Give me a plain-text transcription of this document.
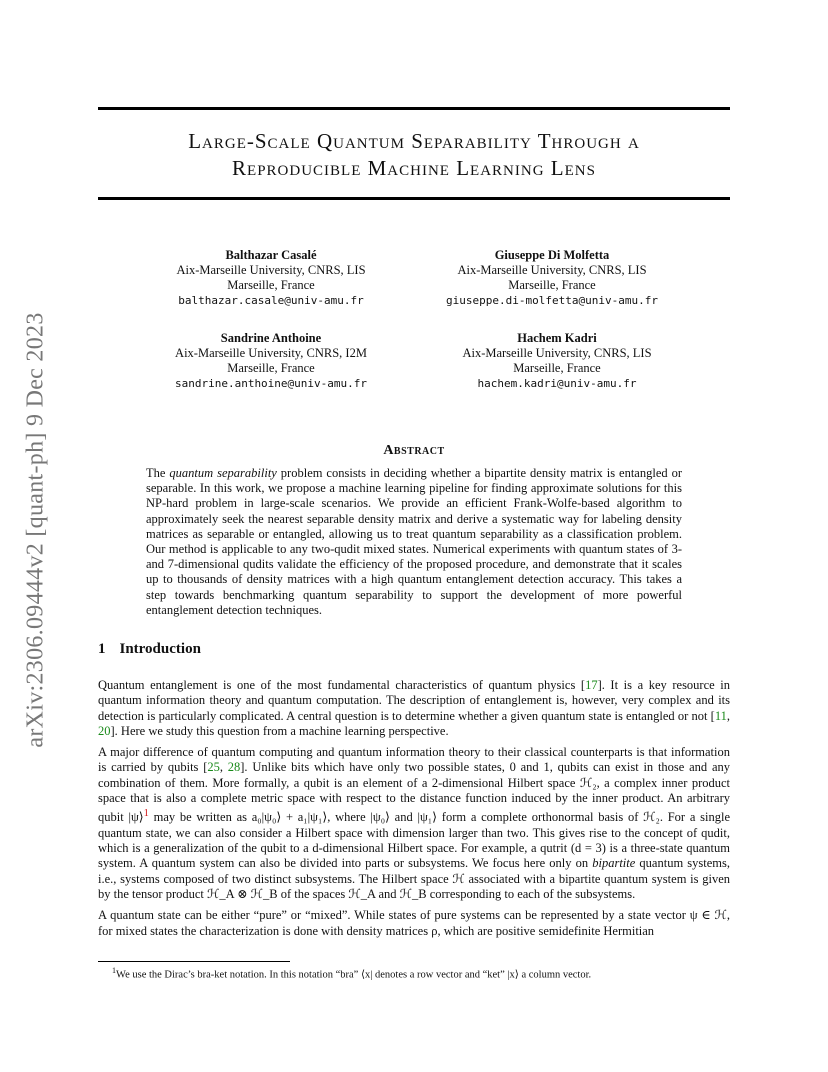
arXiv:2306.09444v2 [quant-ph] 9 Dec 2023
Large-Scale Quantum Separability Through a
Reproducible Machine Learning Lens
Balthazar Casalé
Aix-Marseille University, CNRS, LIS
Marseille, France
balthazar.casale@univ-amu.fr
Giuseppe Di Molfetta
Aix-Marseille University, CNRS, LIS
Marseille, France
giuseppe.di-molfetta@univ-amu.fr
Sandrine Anthoine
Aix-Marseille University, CNRS, I2M
Marseille, France
sandrine.anthoine@univ-amu.fr
Hachem Kadri
Aix-Marseille University, CNRS, LIS
Marseille, France
hachem.kadri@univ-amu.fr
Abstract

The quantum separability problem consists in deciding whether a bipartite density matrix is entangled or separable. In this work, we propose a machine learning pipeline for finding approximate solutions for this NP-hard problem in large-scale scenarios. We provide an efficient Frank-Wolfe-based algorithm to approximately seek the nearest separable density matrix and derive a systematic way for labeling density matrices as separable or entangled, allowing us to treat quantum separability as a classification problem. Our method is applicable to any two-qudit mixed states. Numerical experiments with quantum states of 3- and 7-dimensional qudits validate the efficiency of the proposed procedure, and demonstrate that it scales up to thousands of density matrices with a high quantum entanglement detection accuracy. This takes a step towards benchmarking quantum separability to support the development of more powerful entanglement detection techniques.

1 Introduction

Quantum entanglement is one of the most fundamental characteristics of quantum physics [17]. It is a key resource in quantum information theory and quantum computation. The description of entanglement is, however, very complex and its detection is particularly complicated. A central question is to determine whether a given quantum state is entangled or not [11, 20]. Here we study this question from a machine learning perspective.

A major difference of quantum computing and quantum information theory to their classical counterparts is that information is carried by qubits [25, 28]. Unlike bits which have only two possible states, 0 and 1, qubits can exist in those and any combination of them. More formally, a qubit is an element of a 2-dimensional Hilbert space ℋ₂, a complex inner product space that is also a complete metric space with respect to the distance function induced by the inner product. An arbitrary qubit |ψ⟩$^1$ may be written as a₀|ψ₀⟩ + a₁|ψ₁⟩, where |ψ₀⟩ and |ψ₁⟩ form a complete orthonormal basis of ℋ₂. For a single quantum state, we can also consider a Hilbert space with dimension larger than two. This gives rise to the concept of qudit, which is a generalization of the qubit to a d-dimensional Hilbert space. For example, a qutrit (d = 3) is a three-state quantum system. A quantum system can also be divided into parts or subsystems. We focus here only on bipartite quantum systems, i.e., systems composed of two distinct subsystems. The Hilbert space ℋ associated with a bipartite quantum system is given by the tensor product ℋ_A ⊗ ℋ_B of the spaces ℋ_A and ℋ_B corresponding to each of the subsystems.

A quantum state can be either “pure” or “mixed”. While states of pure systems can be represented by a state vector ψ ∈ ℋ, for mixed states the characterization is done with density matrices ρ, which are positive semidefinite Hermitian

$^1$We use the Dirac’s bra-ket notation. In this notation “bra” ⟨x| denotes a row vector and “ket” |x⟩ a column vector.
